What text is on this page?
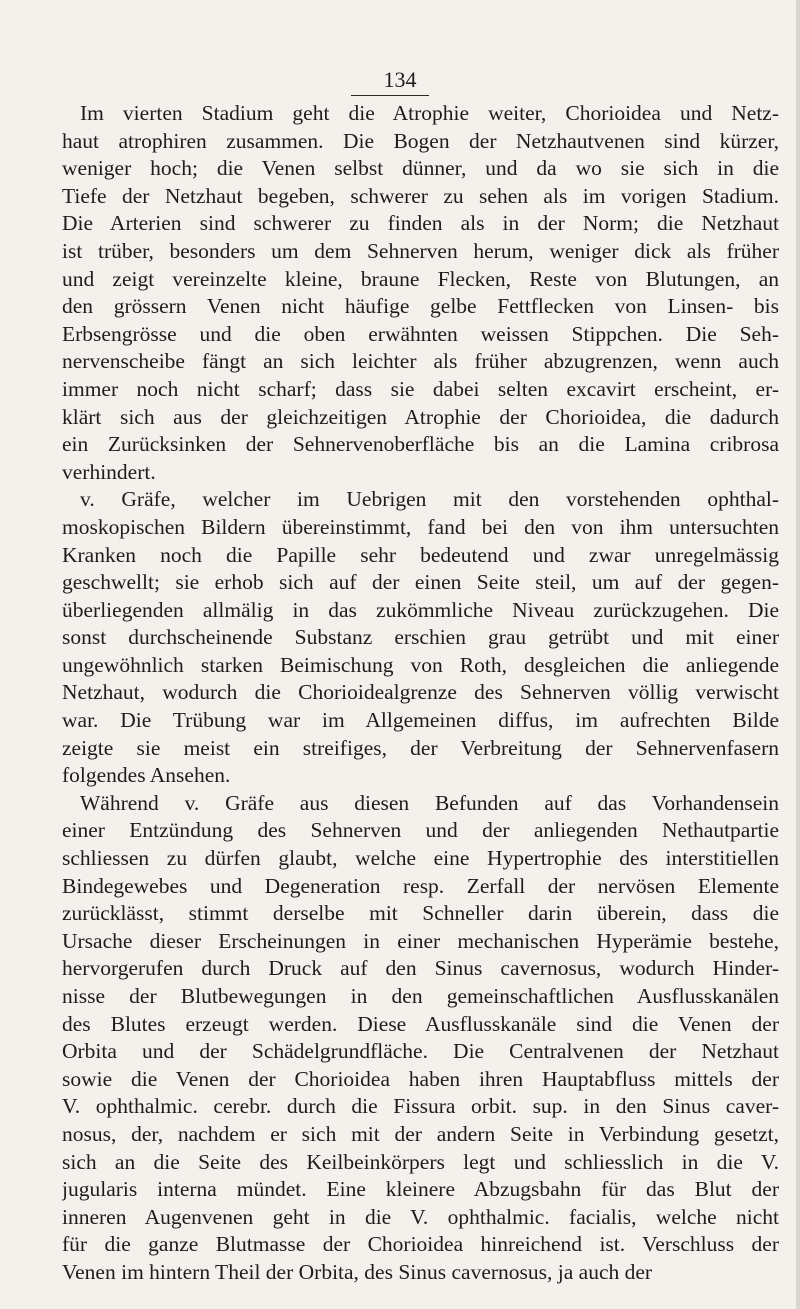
134
Im vierten Stadium geht die Atrophie weiter, Chorioidea und Netz-
haut atrophiren zusammen. Die Bogen der Netzhautvenen sind kürzer,
weniger hoch; die Venen selbst dünner, und da wo sie sich in die
Tiefe der Netzhaut begeben, schwerer zu sehen als im vorigen Stadium.
Die Arterien sind schwerer zu finden als in der Norm; die Netzhaut
ist trüber, besonders um dem Sehnerven herum, weniger dick als früher
und zeigt vereinzelte kleine, braune Flecken, Reste von Blutungen, an
den grössern Venen nicht häufige gelbe Fettflecken von Linsen- bis
Erbsengrösse und die oben erwähnten weissen Stippchen. Die Seh-
nervenscheibe fängt an sich leichter als früher abzugrenzen, wenn auch
immer noch nicht scharf; dass sie dabei selten excavirt erscheint, er-
klärt sich aus der gleichzeitigen Atrophie der Chorioidea, die dadurch
ein Zurücksinken der Sehnervenoberfläche bis an die Lamina cribrosa
verhindert.
v. Gräfe, welcher im Uebrigen mit den vorstehenden ophthal-
moskopischen Bildern übereinstimmt, fand bei den von ihm untersuchten
Kranken noch die Papille sehr bedeutend und zwar unregelmässig
geschwellt; sie erhob sich auf der einen Seite steil, um auf der gegen-
überliegenden allmälig in das zukömmliche Niveau zurückzugehen. Die
sonst durchscheinende Substanz erschien grau getrübt und mit einer
ungewöhnlich starken Beimischung von Roth, desgleichen die anliegende
Netzhaut, wodurch die Chorioidealgrenze des Sehnerven völlig verwischt
war. Die Trübung war im Allgemeinen diffus, im aufrechten Bilde
zeigte sie meist ein streifiges, der Verbreitung der Sehnervenfasern
folgendes Ansehen.
Während v. Gräfe aus diesen Befunden auf das Vorhandensein
einer Entzündung des Sehnerven und der anliegenden Nethautpartie
schliessen zu dürfen glaubt, welche eine Hypertrophie des interstitiellen
Bindegewebes und Degeneration resp. Zerfall der nervösen Elemente
zurücklässt, stimmt derselbe mit Schneller darin überein, dass die
Ursache dieser Erscheinungen in einer mechanischen Hyperämie bestehe,
hervorgerufen durch Druck auf den Sinus cavernosus, wodurch Hinder-
nisse der Blutbewegungen in den gemeinschaftlichen Ausflusskanälen
des Blutes erzeugt werden. Diese Ausflusskanäle sind die Venen der
Orbita und der Schädelgrundfläche. Die Centralvenen der Netzhaut
sowie die Venen der Chorioidea haben ihren Hauptabfluss mittels der
V. ophthalmic. cerebr. durch die Fissura orbit. sup. in den Sinus caver-
nosus, der, nachdem er sich mit der andern Seite in Verbindung gesetzt,
sich an die Seite des Keilbeinkörpers legt und schliesslich in die V.
jugularis interna mündet. Eine kleinere Abzugsbahn für das Blut der
inneren Augenvenen geht in die V. ophthalmic. facialis, welche nicht
für die ganze Blutmasse der Chorioidea hinreichend ist. Verschluss der
Venen im hintern Theil der Orbita, des Sinus cavernosus, ja auch der
